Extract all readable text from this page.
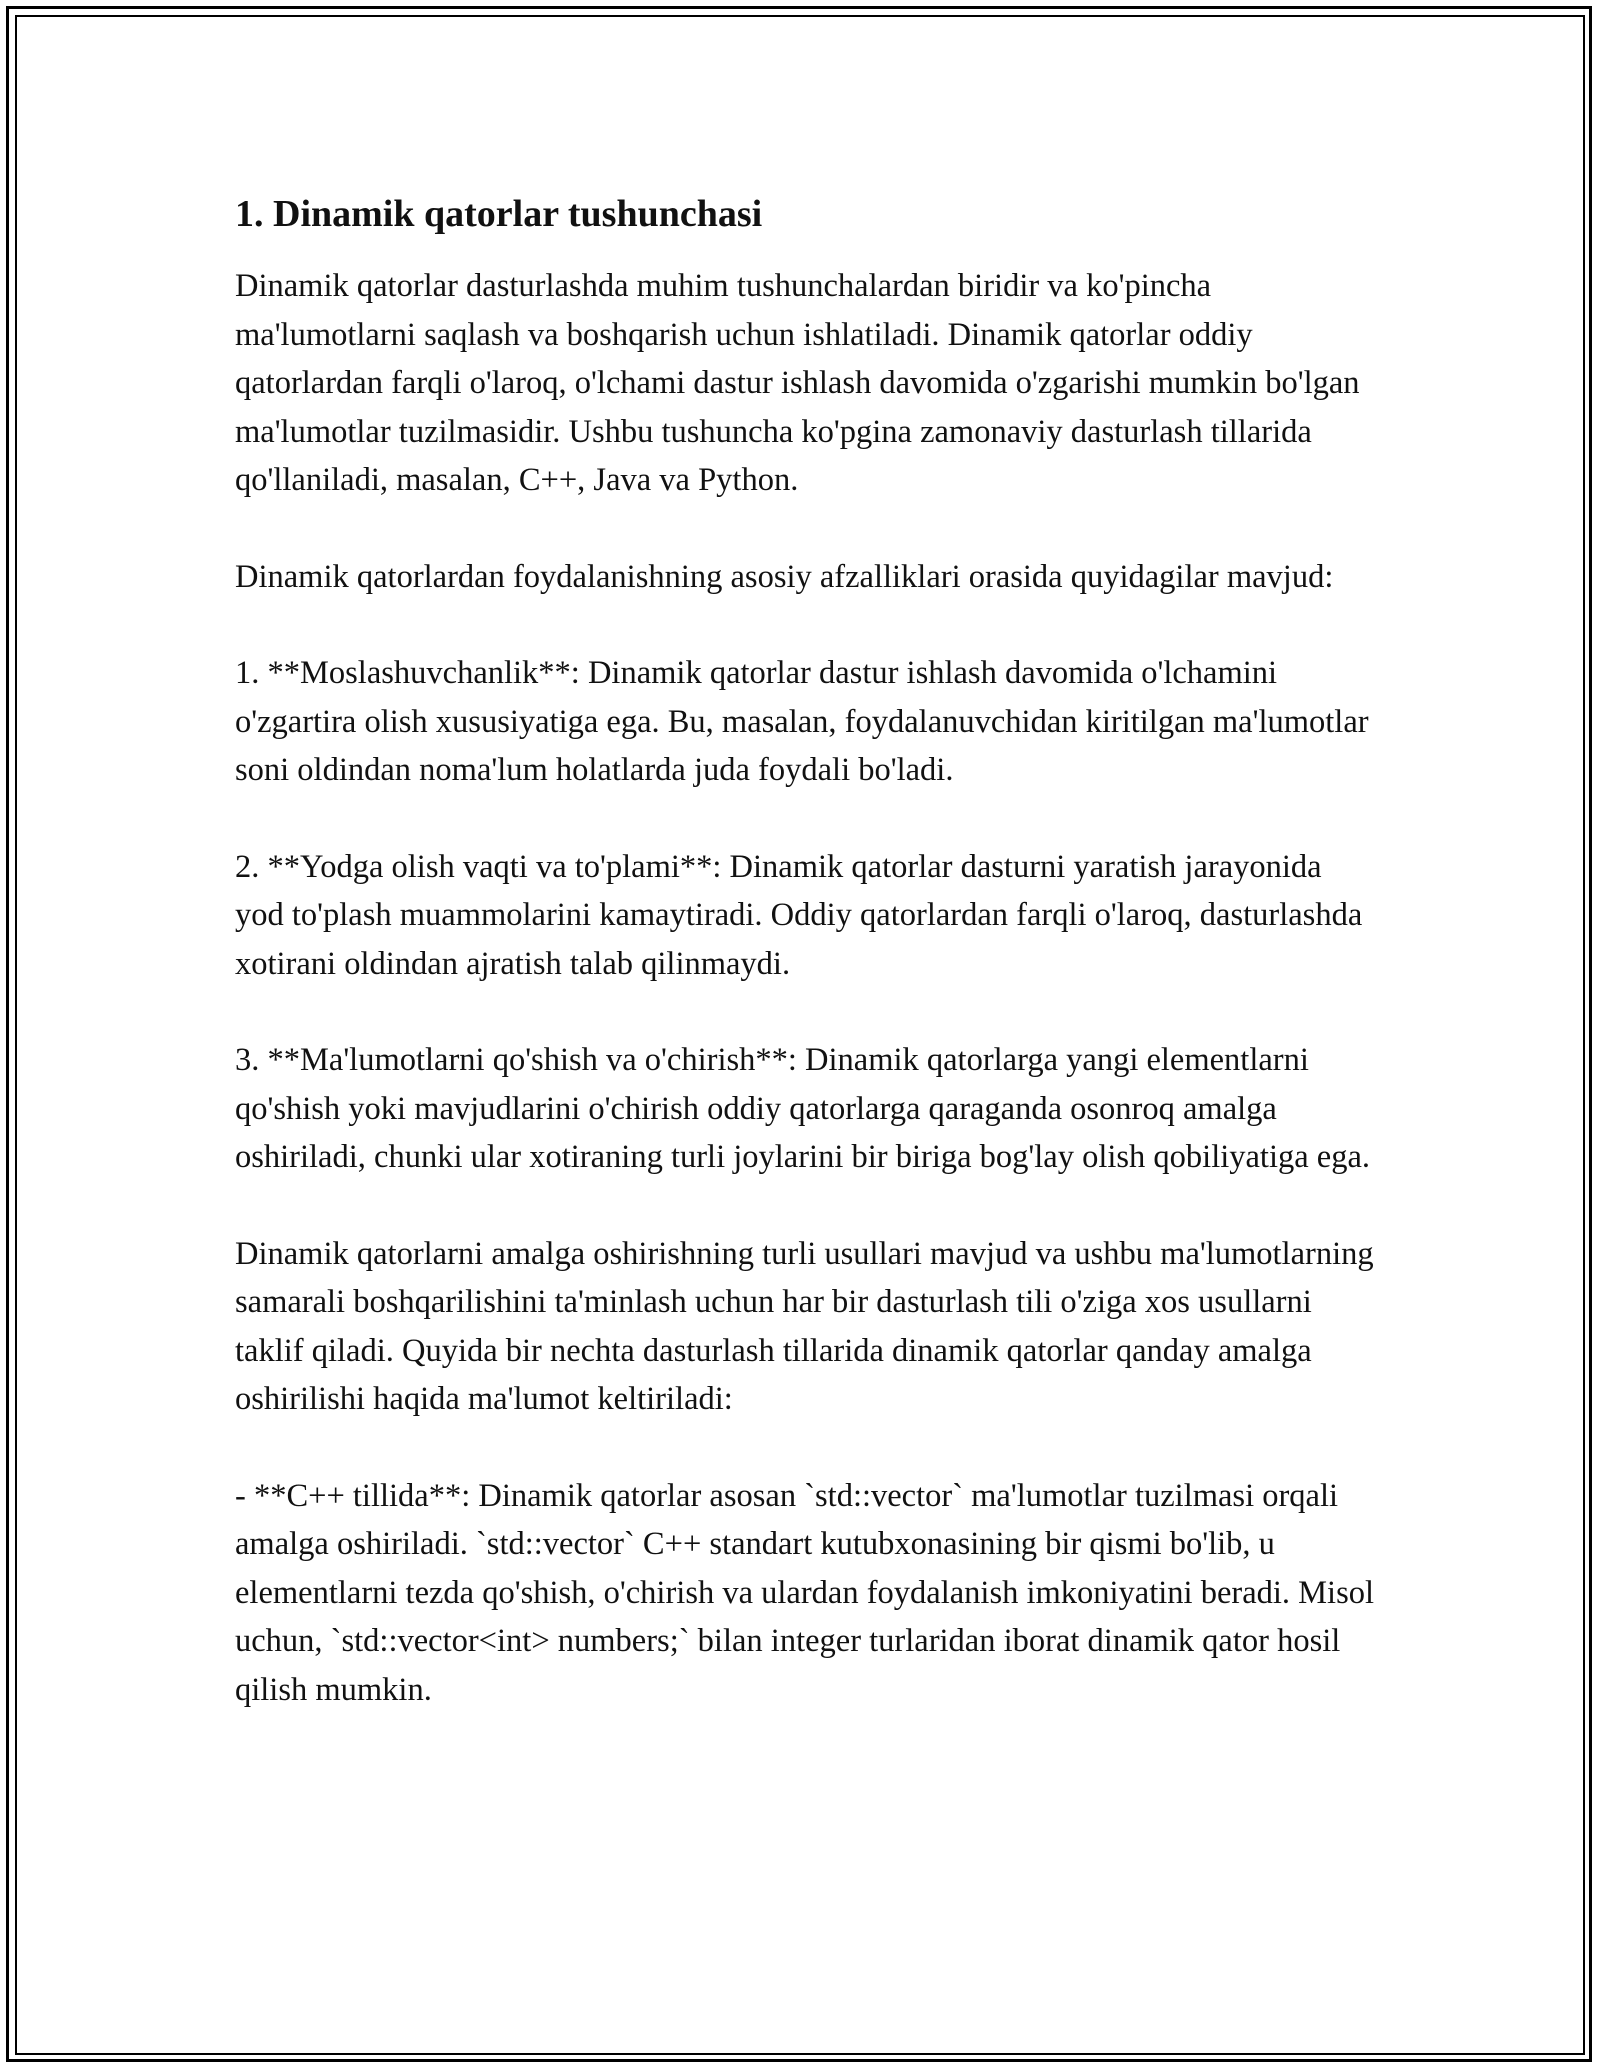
1. Dinamik qatorlar tushunchasi

Dinamik qatorlar dasturlashda muhim tushunchalardan biridir va ko'pincha ma'lumotlarni saqlash va boshqarish uchun ishlatiladi. Dinamik qatorlar oddiy qatorlardan farqli o'laroq, o'lchami dastur ishlash davomida o'zgarishi mumkin bo'lgan ma'lumotlar tuzilmasidir. Ushbu tushuncha ko'pgina zamonaviy dasturlash tillarida qo'llaniladi, masalan, C++, Java va Python.

Dinamik qatorlardan foydalanishning asosiy afzalliklari orasida quyidagilar mavjud:

1. **Moslashuvchanlik**: Dinamik qatorlar dastur ishlash davomida o'lchamini o'zgartira olish xususiyatiga ega. Bu, masalan, foydalanuvchidan kiritilgan ma'lumotlar soni oldindan noma'lum holatlarda juda foydali bo'ladi.

2. **Yodga olish vaqti va to'plami**: Dinamik qatorlar dasturni yaratish jarayonida yod to'plash muammolarini kamaytiradi. Oddiy qatorlardan farqli o'laroq, dasturlashda xotirani oldindan ajratish talab qilinmaydi.

3. **Ma'lumotlarni qo'shish va o'chirish**: Dinamik qatorlarga yangi elementlarni qo'shish yoki mavjudlarini o'chirish oddiy qatorlarga qaraganda osonroq amalga oshiriladi, chunki ular xotiraning turli joylarini bir biriga bog'lay olish qobiliyatiga ega.

Dinamik qatorlarni amalga oshirishning turli usullari mavjud va ushbu ma'lumotlarning samarali boshqarilishini ta'minlash uchun har bir dasturlash tili o'ziga xos usullarni taklif qiladi. Quyida bir nechta dasturlash tillarida dinamik qatorlar qanday amalga oshirilishi haqida ma'lumot keltiriladi:

- **C++ tillida**: Dinamik qatorlar asosan `std::vector` ma'lumotlar tuzilmasi orqali amalga oshiriladi. `std::vector` C++ standart kutubxonasining bir qismi bo'lib, u elementlarni tezda qo'shish, o'chirish va ulardan foydalanish imkoniyatini beradi. Misol uchun, `std::vector<int> numbers;` bilan integer turlaridan iborat dinamik qator hosil qilish mumkin.
